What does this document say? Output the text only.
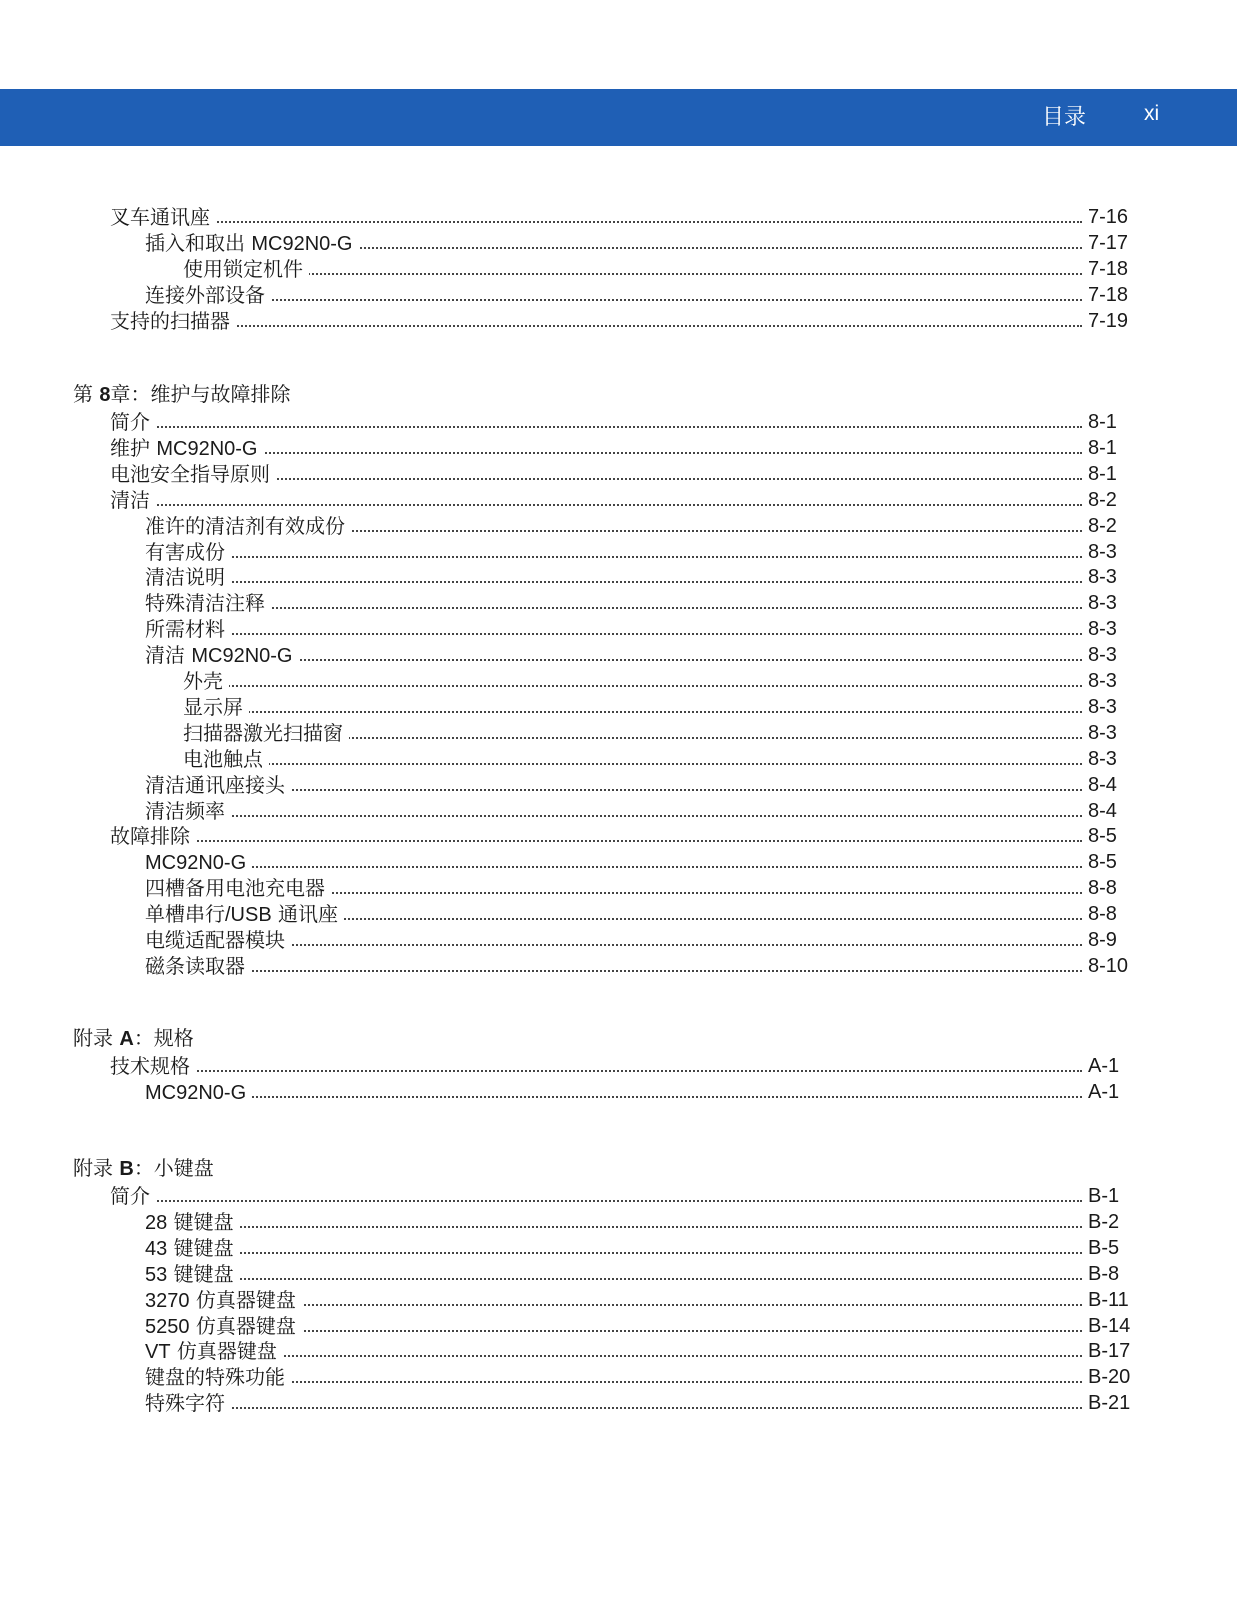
目录	xi
叉车通讯座	7-16
插入和取出 MC92N0-G	7-17
使用锁定机件	7-18
连接外部设备	7-18
支持的扫描器	7-19
第 8章：维护与故障排除
简介	8-1
维护 MC92N0-G	8-1
电池安全指导原则	8-1
清洁	8-2
准许的清洁剂有效成份	8-2
有害成份	8-3
清洁说明	8-3
特殊清洁注释	8-3
所需材料	8-3
清洁 MC92N0-G	8-3
外壳	8-3
显示屏	8-3
扫描器激光扫描窗	8-3
电池触点	8-3
清洁通讯座接头	8-4
清洁频率	8-4
故障排除	8-5
MC92N0-G	8-5
四槽备用电池充电器	8-8
单槽串行/USB 通讯座	8-8
电缆适配器模块	8-9
磁条读取器	8-10
附录 A：规格
技术规格	A-1
MC92N0-G	A-1
附录 B：小键盘
简介	B-1
28 键键盘	B-2
43 键键盘	B-5
53 键键盘	B-8
3270 仿真器键盘	B-11
5250 仿真器键盘	B-14
VT 仿真器键盘	B-17
键盘的特殊功能	B-20
特殊字符	B-21
